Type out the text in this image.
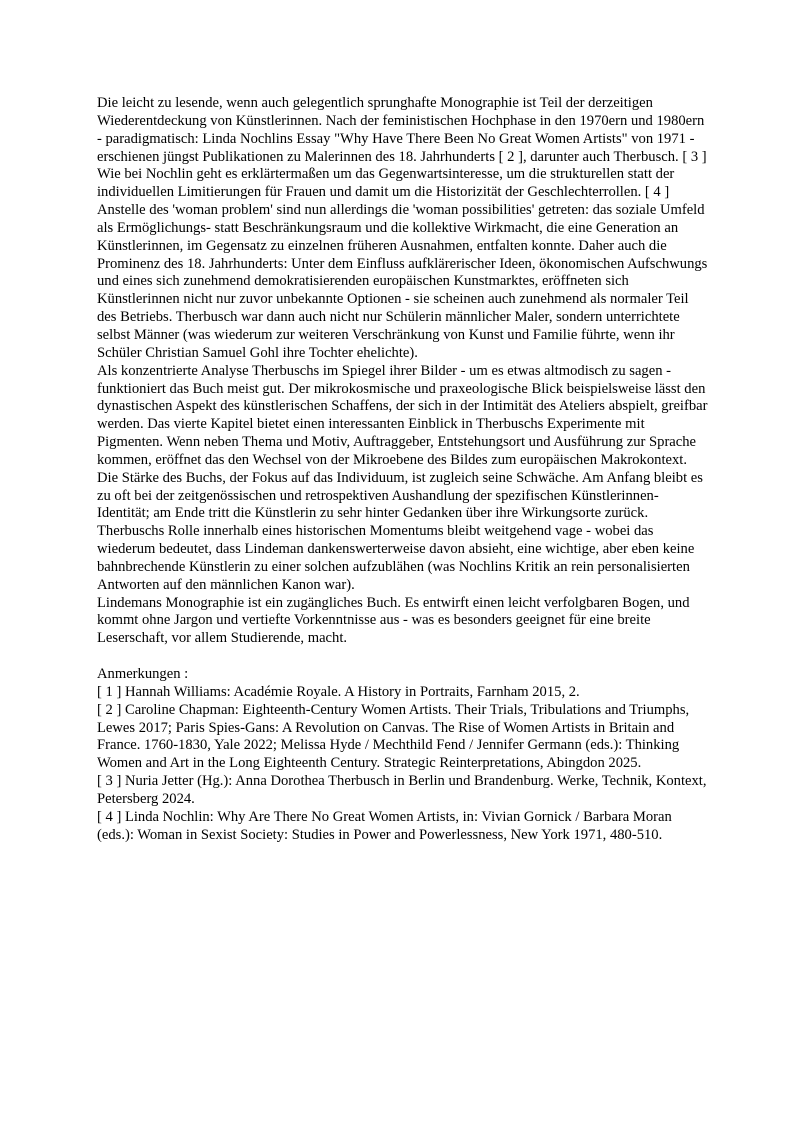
Die leicht zu lesende, wenn auch gelegentlich sprunghafte Monographie ist Teil der derzeitigen Wiederentdeckung von Künstlerinnen. Nach der feministischen Hochphase in den 1970ern und 1980ern - paradigmatisch: Linda Nochlins Essay "Why Have There Been No Great Women Artists" von 1971 - erschienen jüngst Publikationen zu Malerinnen des 18. Jahrhunderts [ 2 ], darunter auch Therbusch. [ 3 ] Wie bei Nochlin geht es erklärtermaßen um das Gegenwartsinteresse, um die strukturellen statt der individuellen Limitierungen für Frauen und damit um die Historizität der Geschlechterrollen. [ 4 ]

Anstelle des 'woman problem' sind nun allerdings die 'woman possibilities' getreten: das soziale Umfeld als Ermöglichungs- statt Beschränkungsraum und die kollektive Wirkmacht, die eine Generation an Künstlerinnen, im Gegensatz zu einzelnen früheren Ausnahmen, entfalten konnte. Daher auch die Prominenz des 18. Jahrhunderts: Unter dem Einfluss aufklärerischer Ideen, ökonomischen Aufschwungs und eines sich zunehmend demokratisierenden europäischen Kunstmarktes, eröffneten sich Künstlerinnen nicht nur zuvor unbekannte Optionen - sie scheinen auch zunehmend als normaler Teil des Betriebs. Therbusch war dann auch nicht nur Schülerin männlicher Maler, sondern unterrichtete selbst Männer (was wiederum zur weiteren Verschränkung von Kunst und Familie führte, wenn ihr Schüler Christian Samuel Gohl ihre Tochter ehelichte).

Als konzentrierte Analyse Therbuschs im Spiegel ihrer Bilder - um es etwas altmodisch zu sagen - funktioniert das Buch meist gut. Der mikrokosmische und praxeologische Blick beispielsweise lässt den dynastischen Aspekt des künstlerischen Schaffens, der sich in der Intimität des Ateliers abspielt, greifbar werden. Das vierte Kapitel bietet einen interessanten Einblick in Therbuschs Experimente mit Pigmenten. Wenn neben Thema und Motiv, Auftraggeber, Entstehungsort und Ausführung zur Sprache kommen, eröffnet das den Wechsel von der Mikroebene des Bildes zum europäischen Makrokontext.

Die Stärke des Buchs, der Fokus auf das Individuum, ist zugleich seine Schwäche. Am Anfang bleibt es zu oft bei der zeitgenössischen und retrospektiven Aushandlung der spezifischen Künstlerinnen-Identität; am Ende tritt die Künstlerin zu sehr hinter Gedanken über ihre Wirkungsorte zurück. Therbuschs Rolle innerhalb eines historischen Momentums bleibt weitgehend vage - wobei das wiederum bedeutet, dass Lindeman dankenswerterweise davon absieht, eine wichtige, aber eben keine bahnbrechende Künstlerin zu einer solchen aufzublähen (was Nochlins Kritik an rein personalisierten Antworten auf den männlichen Kanon war).

Lindemans Monographie ist ein zugängliches Buch. Es entwirft einen leicht verfolgbaren Bogen, und kommt ohne Jargon und vertiefte Vorkenntnisse aus - was es besonders geeignet für eine breite Leserschaft, vor allem Studierende, macht.

Anmerkungen :

[ 1 ] Hannah Williams: Académie Royale. A History in Portraits, Farnham 2015, 2.

[ 2 ] Caroline Chapman: Eighteenth-Century Women Artists. Their Trials, Tribulations and Triumphs, Lewes 2017; Paris Spies-Gans: A Revolution on Canvas. The Rise of Women Artists in Britain and France. 1760-1830, Yale 2022; Melissa Hyde / Mechthild Fend / Jennifer Germann (eds.): Thinking Women and Art in the Long Eighteenth Century. Strategic Reinterpretations, Abingdon 2025.

[ 3 ] Nuria Jetter (Hg.): Anna Dorothea Therbusch in Berlin und Brandenburg. Werke, Technik, Kontext, Petersberg 2024.

[ 4 ] Linda Nochlin: Why Are There No Great Women Artists, in: Vivian Gornick / Barbara Moran (eds.): Woman in Sexist Society: Studies in Power and Powerlessness, New York 1971, 480-510.
